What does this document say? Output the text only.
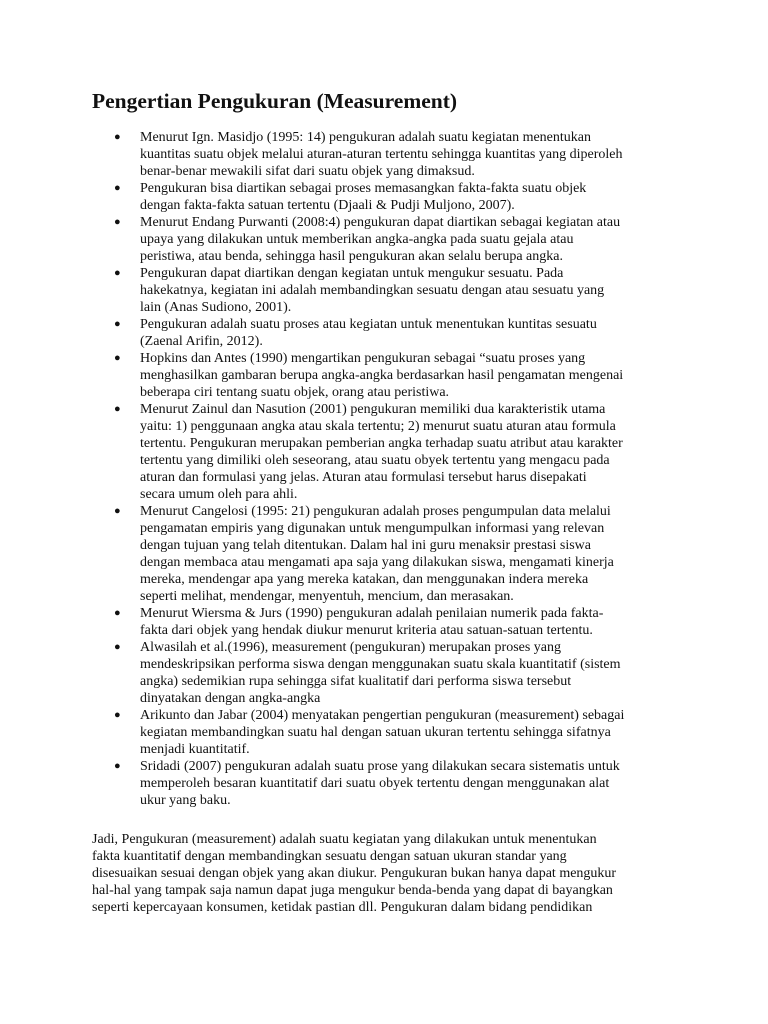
Pengertian Pengukuran (Measurement)
● Menurut Ign. Masidjo (1995: 14) pengukuran adalah suatu kegiatan menentukan
kuantitas suatu objek melalui aturan-aturan tertentu sehingga kuantitas yang diperoleh
benar-benar mewakili sifat dari suatu objek yang dimaksud.
● Pengukuran bisa diartikan sebagai proses memasangkan fakta-fakta suatu objek
dengan fakta-fakta satuan tertentu (Djaali & Pudji Muljono, 2007).
● Menurut Endang Purwanti (2008:4) pengukuran dapat diartikan sebagai kegiatan atau
upaya yang dilakukan untuk memberikan angka-angka pada suatu gejala atau
peristiwa, atau benda, sehingga hasil pengukuran akan selalu berupa angka.
● Pengukuran dapat diartikan dengan kegiatan untuk mengukur sesuatu. Pada
hakekatnya, kegiatan ini adalah membandingkan sesuatu dengan atau sesuatu yang
lain (Anas Sudiono, 2001).
● Pengukuran adalah suatu proses atau kegiatan untuk menentukan kuntitas sesuatu
(Zaenal Arifin, 2012).
● Hopkins dan Antes (1990) mengartikan pengukuran sebagai “suatu proses yang
menghasilkan gambaran berupa angka-angka berdasarkan hasil pengamatan mengenai
beberapa ciri tentang suatu objek, orang atau peristiwa.
● Menurut Zainul dan Nasution (2001) pengukuran memiliki dua karakteristik utama
yaitu: 1) penggunaan angka atau skala tertentu; 2) menurut suatu aturan atau formula
tertentu. Pengukuran merupakan pemberian angka terhadap suatu atribut atau karakter
tertentu yang dimiliki oleh seseorang, atau suatu obyek tertentu yang mengacu pada
aturan dan formulasi yang jelas. Aturan atau formulasi tersebut harus disepakati
secara umum oleh para ahli.
● Menurut Cangelosi (1995: 21) pengukuran adalah proses pengumpulan data melalui
pengamatan empiris yang digunakan untuk mengumpulkan informasi yang relevan
dengan tujuan yang telah ditentukan. Dalam hal ini guru menaksir prestasi siswa
dengan membaca atau mengamati apa saja yang dilakukan siswa, mengamati kinerja
mereka, mendengar apa yang mereka katakan, dan menggunakan indera mereka
seperti melihat, mendengar, menyentuh, mencium, dan merasakan.
● Menurut Wiersma & Jurs (1990) pengukuran adalah penilaian numerik pada fakta-
fakta dari objek yang hendak diukur menurut kriteria atau satuan-satuan tertentu.
● Alwasilah et al.(1996), measurement (pengukuran) merupakan proses yang
mendeskripsikan performa siswa dengan menggunakan suatu skala kuantitatif (sistem
angka) sedemikian rupa sehingga sifat kualitatif dari performa siswa tersebut
dinyatakan dengan angka-angka
● Arikunto dan Jabar (2004) menyatakan pengertian pengukuran (measurement) sebagai
kegiatan membandingkan suatu hal dengan satuan ukuran tertentu sehingga sifatnya
menjadi kuantitatif.
● Sridadi (2007) pengukuran adalah suatu prose yang dilakukan secara sistematis untuk
memperoleh besaran kuantitatif dari suatu obyek tertentu dengan menggunakan alat
ukur yang baku.

Jadi, Pengukuran (measurement) adalah suatu kegiatan yang dilakukan untuk menentukan
fakta kuantitatif dengan membandingkan sesuatu dengan satuan ukuran standar yang
disesuaikan sesuai dengan objek yang akan diukur. Pengukuran bukan hanya dapat mengukur
hal-hal yang tampak saja namun dapat juga mengukur benda-benda yang dapat di bayangkan
seperti kepercayaan konsumen, ketidak pastian dll. Pengukuran dalam bidang pendidikan
